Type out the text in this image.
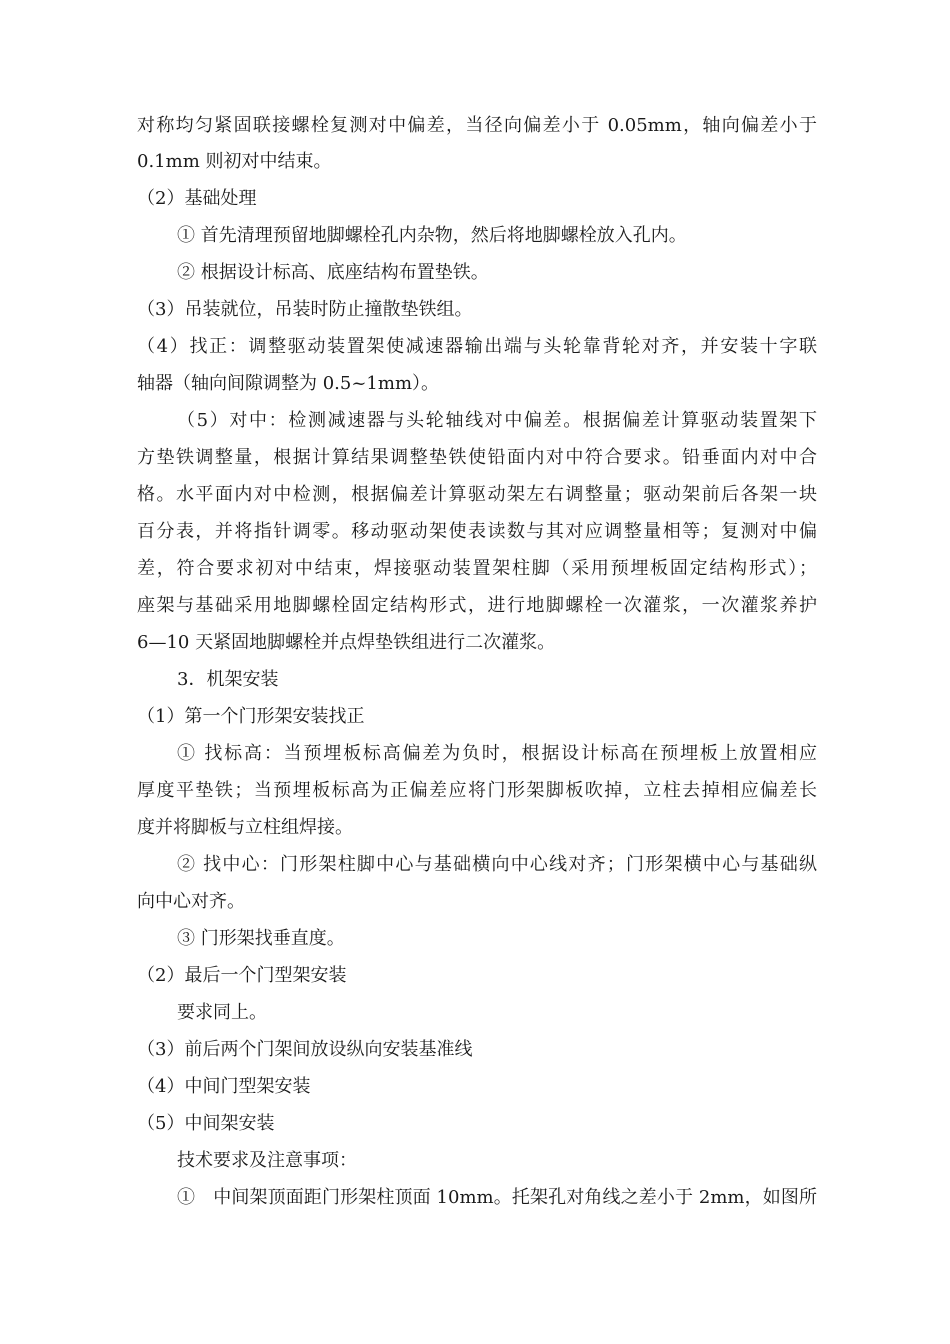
对称均匀紧固联接螺栓复测对中偏差，当径向偏差小于 0.05mm，轴向偏差小于
0.1mm 则初对中结束。
（2）基础处理
① 首先清理预留地脚螺栓孔内杂物，然后将地脚螺栓放入孔内。
② 根据设计标高、底座结构布置垫铁。
（3）吊装就位，吊装时防止撞散垫铁组。
（4）找正：调整驱动装置架使减速器输出端与头轮靠背轮对齐，并安装十字联
轴器（轴向间隙调整为 0.5~1mm）。
（5）对中：检测减速器与头轮轴线对中偏差。根据偏差计算驱动装置架下
方垫铁调整量，根据计算结果调整垫铁使铅面内对中符合要求。铅垂面内对中合
格。水平面内对中检测，根据偏差计算驱动架左右调整量；驱动架前后各架一块
百分表，并将指针调零。移动驱动架使表读数与其对应调整量相等；复测对中偏
差，符合要求初对中结束，焊接驱动装置架柱脚（采用预埋板固定结构形式）；
座架与基础采用地脚螺栓固定结构形式，进行地脚螺栓一次灌浆，一次灌浆养护
6—10 天紧固地脚螺栓并点焊垫铁组进行二次灌浆。
3．机架安装
（1）第一个门形架安装找正
① 找标高：当预埋板标高偏差为负时，根据设计标高在预埋板上放置相应
厚度平垫铁；当预埋板标高为正偏差应将门形架脚板吹掉，立柱去掉相应偏差长
度并将脚板与立柱组焊接。
② 找中心：门形架柱脚中心与基础横向中心线对齐；门形架横中心与基础纵
向中心对齐。
③ 门形架找垂直度。
（2）最后一个门型架安装
要求同上。
（3）前后两个门架间放设纵向安装基准线
（4）中间门型架安装
（5）中间架安装
技术要求及注意事项：
①　中间架顶面距门形架柱顶面 10mm。托架孔对角线之差小于 2mm，如图所
